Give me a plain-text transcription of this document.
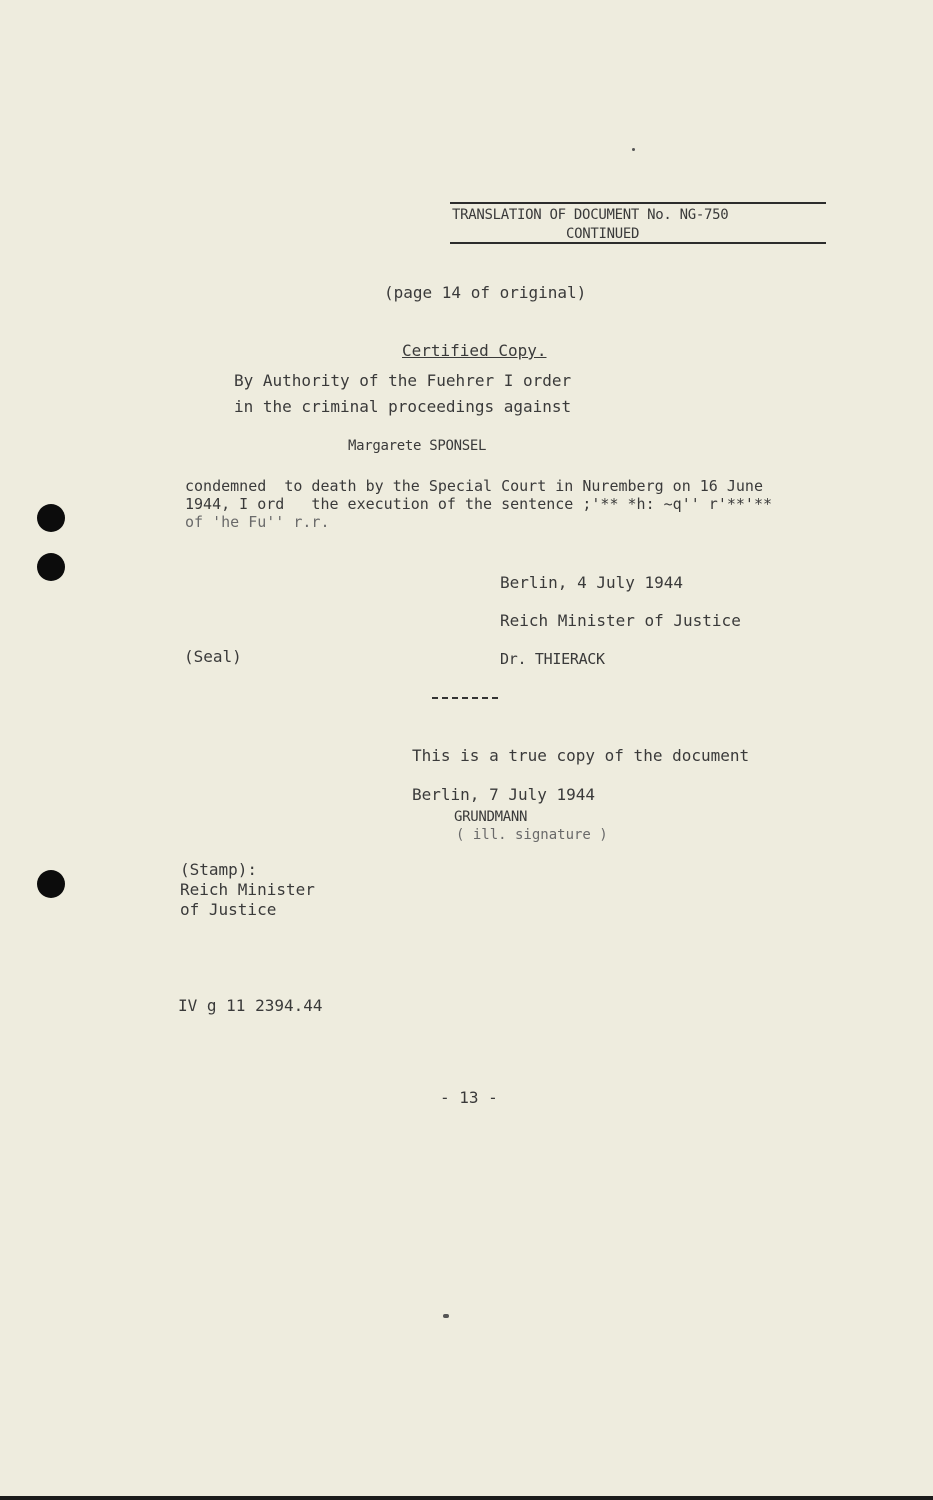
TRANSLATION OF DOCUMENT No. NG-750
CONTINUED
(page 14 of original)
Certified Copy.
By Authority of the Fuehrer I order
in the criminal proceedings against
Margarete SPONSEL
condemned  to death by the Special Court in Nuremberg on 16 June
1944, I ord   the execution of the sentence ;'** *h: ~q'' r'**'**
of 'he Fu'' r.r.
Berlin, 4 July 1944
Reich Minister of Justice
(Seal)	Dr. THIERACK
This is a true copy of the document
Berlin, 7 July 1944
GRUNDMANN
( ill. signature )
(Stamp):
Reich Minister
of Justice
IV g 11 2394.44
- 13 -
